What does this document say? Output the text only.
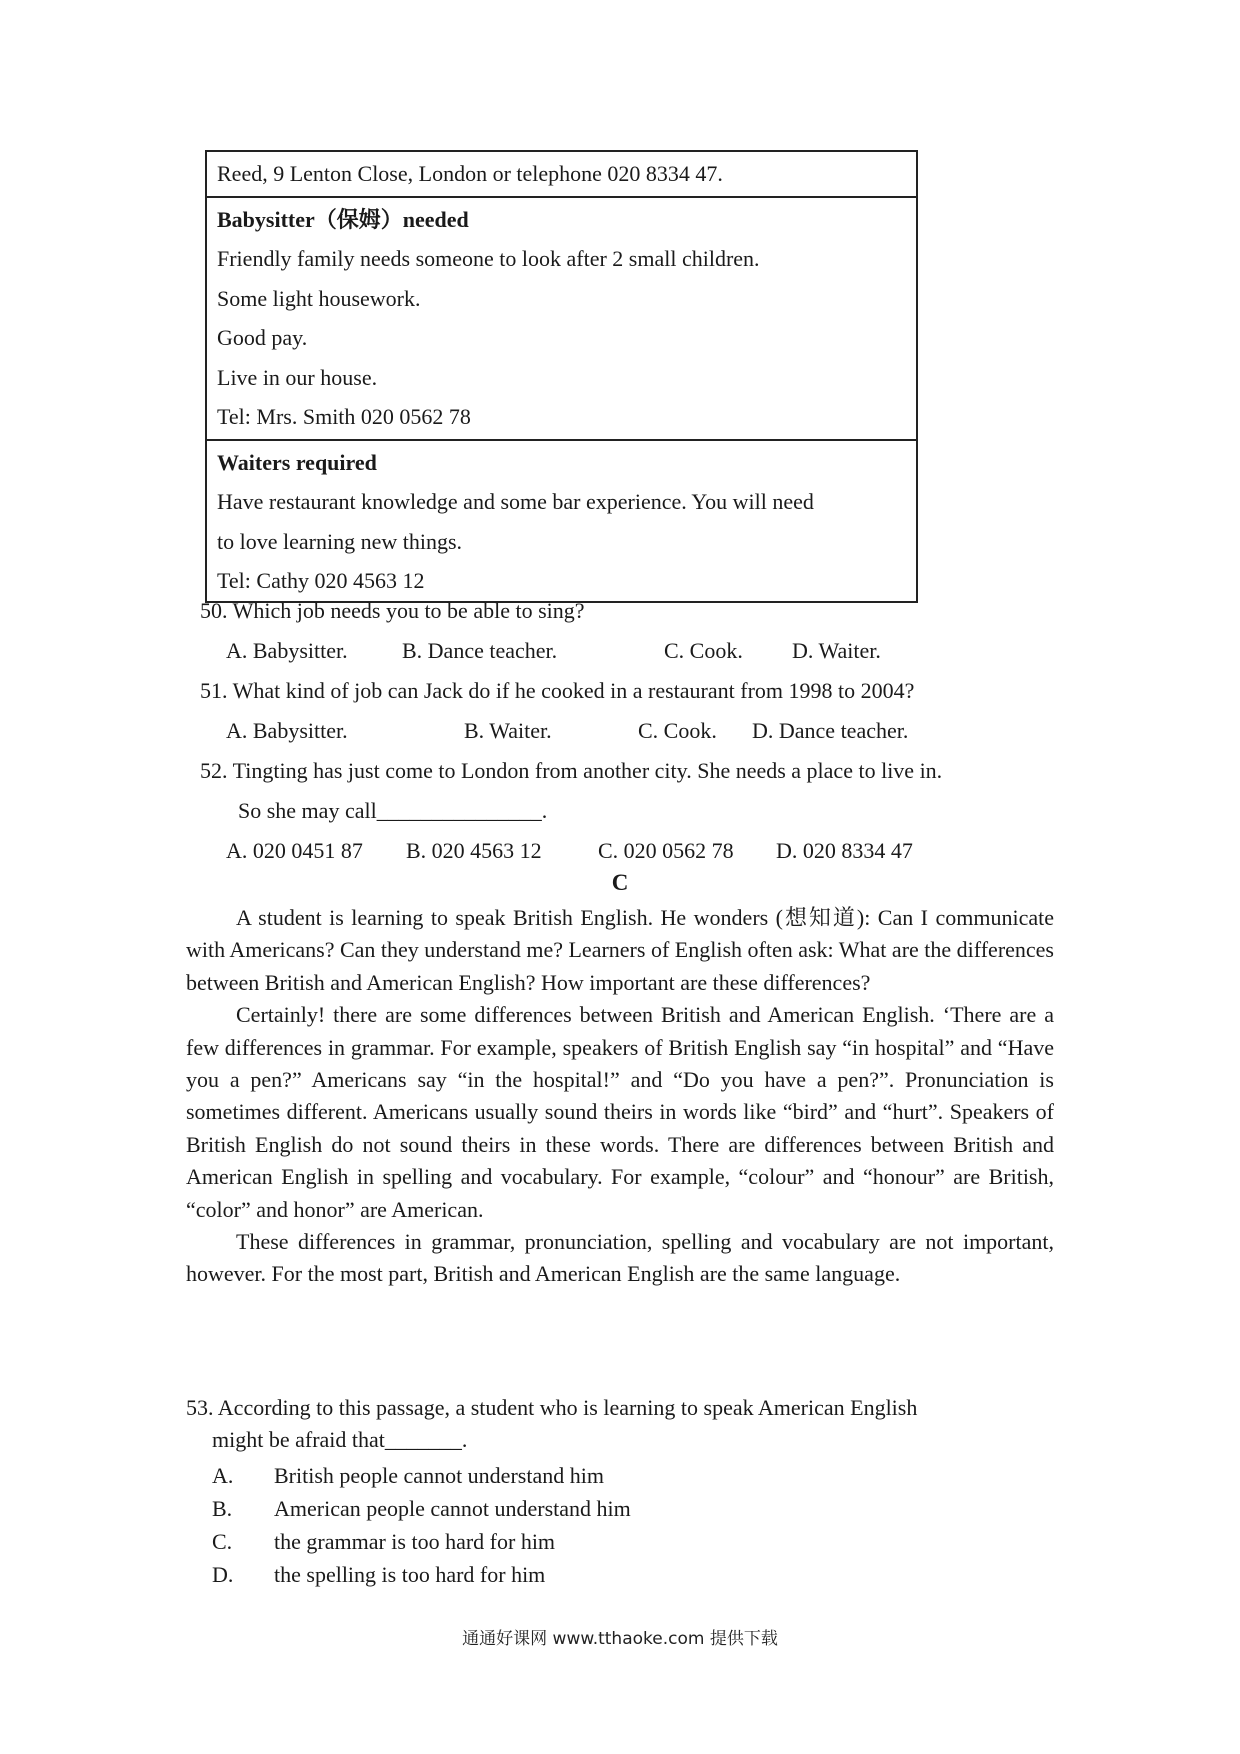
Reed, 9 Lenton Close, London or telephone 020 8334 47.
Babysitter（保姆）needed
Friendly family needs someone to look after 2 small children.
Some light housework.
Good pay.
Live in our house.
Tel: Mrs. Smith 020 0562 78
Waiters required
Have restaurant knowledge and some bar experience. You will need
to love learning new things.
Tel: Cathy 020 4563 12
50. Which job needs you to be able to sing?
A. Babysitter. B. Dance teacher.	C. Cook. D. Waiter.
51. What kind of job can Jack do if he cooked in a restaurant from 1998 to 2004?
A. Babysitter.	B. Waiter.	C. Cook. D. Dance teacher.
52. Tingting has just come to London from another city. She needs a place to live in.
So she may call_______________.
A. 020 0451 87 B. 020 4563 12	C. 020 0562 78 D. 020 8334 47
C

A student is learning to speak British English. He wonders (想知道): Can I communicate with Americans? Can they understand me? Learners of English often ask: What are the differences between British and American English? How important are these differences?

Certainly! there are some differences between British and American English. ‘There are a few differences in grammar. For example, speakers of British English say “in hospital” and “Have you a pen?” Americans say “in the hospital!” and “Do you have a pen?”. Pronunciation is sometimes different. Americans usually sound theirs in words like “bird” and “hurt”. Speakers of British English do not sound theirs in these words. There are differences between British and American English in spelling and vocabulary. For example, “colour” and “honour” are British, “color” and honor” are American.

These differences in grammar, pronunciation, spelling and vocabulary are not important, however. For the most part, British and American English are the same language.

53. According to this passage, a student who is learning to speak American English
might be afraid that_______.
A. British people cannot understand him
B. American people cannot understand him
C. the grammar is too hard for him
D. the spelling is too hard for him
通通好课网 www.tthaoke.com 提供下载
